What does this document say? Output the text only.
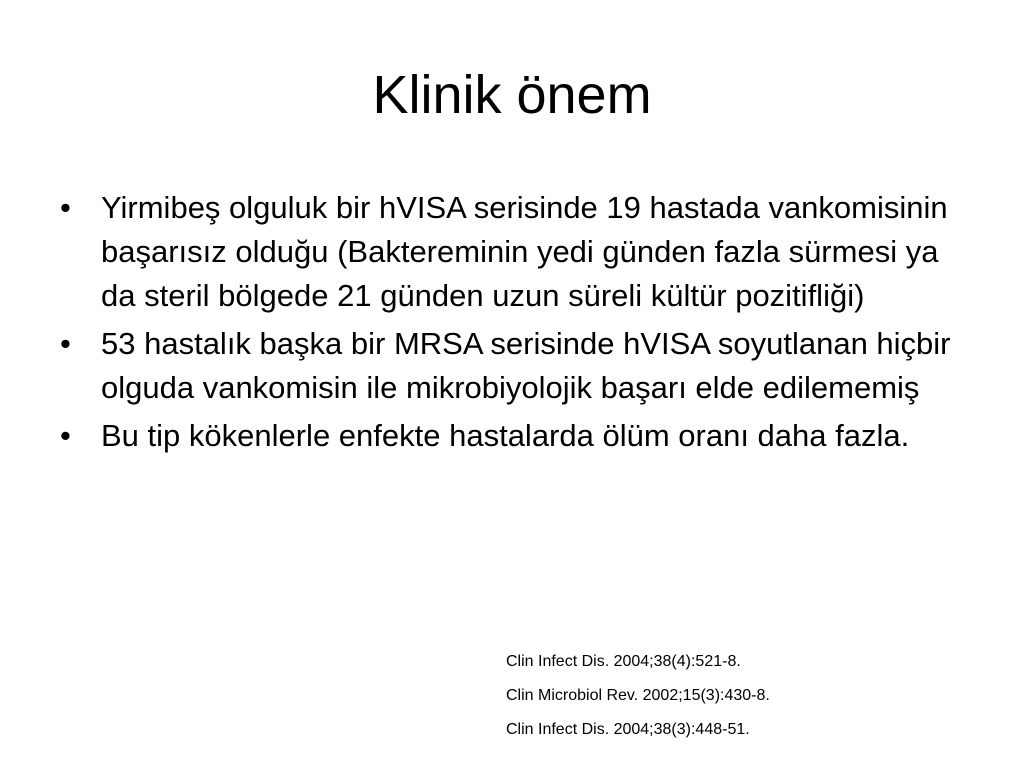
Klinik önem
• Yirmibeş olguluk bir hVISA serisinde 19 hastada vankomisinin başarısız olduğu (Baktereminin yedi günden fazla sürmesi ya da steril bölgede 21 günden uzun süreli kültür pozitifliği)
• 53 hastalık başka bir MRSA serisinde hVISA soyutlanan hiçbir olguda vankomisin ile mikrobiyolojik başarı elde edilememiş
• Bu tip kökenlerle enfekte hastalarda ölüm oranı daha fazla.
Clin Infect Dis. 2004;38(4):521-8.
Clin Microbiol Rev. 2002;15(3):430-8.
Clin Infect Dis. 2004;38(3):448-51.
